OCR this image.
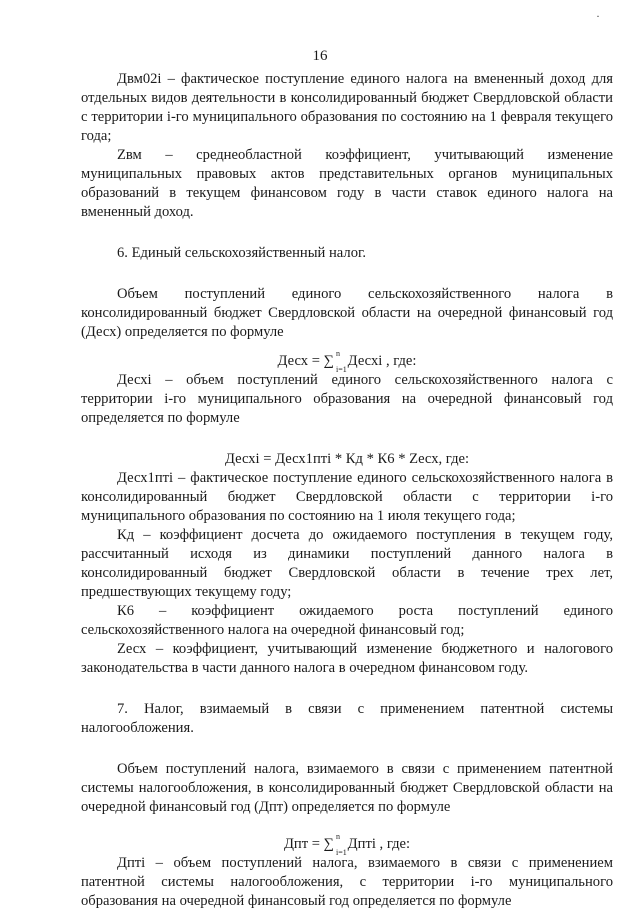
·
16

Двм02i – фактическое поступление единого налога на вмененный доход для отдельных видов деятельности в консолидированный бюджет Свердловской области с территории i-го муниципального образования по состоянию на 1 февраля текущего года;

Zвм – среднеобластной коэффициент, учитывающий изменение муниципальных правовых актов представительных органов муниципальных образований в текущем финансовом году в части ставок единого налога на вмененный доход.

6. Единый сельскохозяйственный налог.

Объем поступлений единого сельскохозяйственного налога в консолидированный бюджет Свердловской области на очередной финансовый год (Десх) определяется по формуле

Десх = ∑ n
i=1
Десхi , где:

Десхi – объем поступлений единого сельскохозяйственного налога с территории i-го муниципального образования на очередной финансовый год определяется по формуле

Десхi = Десх1птi * Кд * К6 * Zесх, где:

Десх1птi – фактическое поступление единого сельскохозяйственного налога в консолидированный бюджет Свердловской области с территории i-го муниципального образования по состоянию на 1 июля текущего года;

Кд – коэффициент досчета до ожидаемого поступления в текущем году, рассчитанный исходя из динамики поступлений данного налога в консолидированный бюджет Свердловской области в течение трех лет, предшествующих текущему году;

К6 – коэффициент ожидаемого роста поступлений единого сельскохозяйственного налога на очередной финансовый год;

Zесх – коэффициент, учитывающий изменение бюджетного и налогового законодательства в части данного налога в очередном финансовом году.

7. Налог, взимаемый в связи с применением патентной системы налогообложения.

Объем поступлений налога, взимаемого в связи с применением патентной системы налогообложения, в консолидированный бюджет Свердловской области на очередной финансовый год (Дпт) определяется по формуле

Дпт = ∑ n
i=1
Дптi , где:

Дптi – объем поступлений налога, взимаемого в связи с применением патентной системы налогообложения, с территории i-го муниципального образования на очередной финансовый год определяется по формуле
